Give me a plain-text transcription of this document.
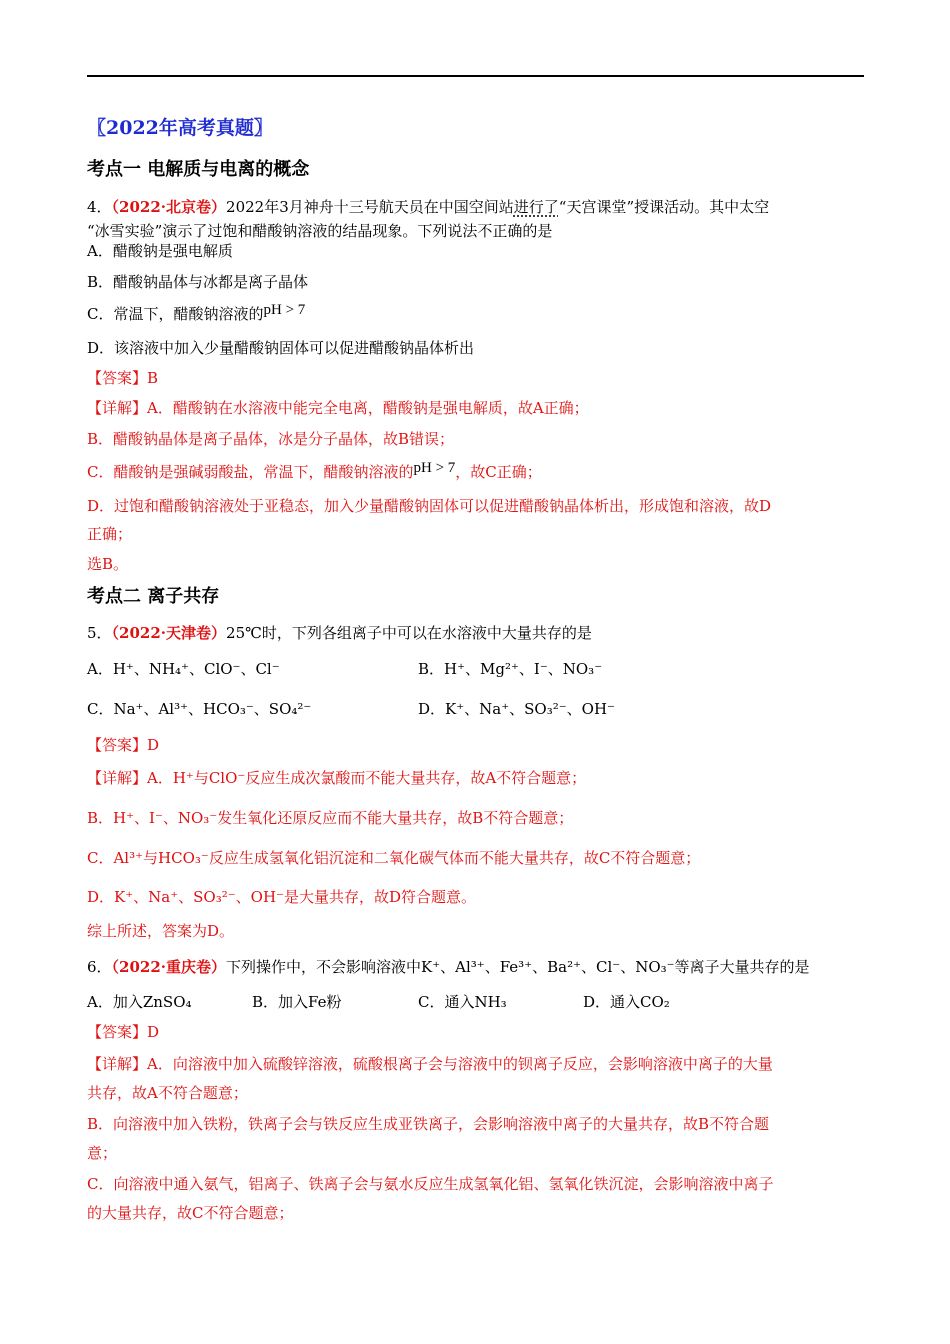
〖2022年高考真题〗
考点一 电解质与电离的概念
4．（2022·北京卷）2022年3月神舟十三号航天员在中国空间站进行了“天宫课堂”授课活动。其中太空
“冰雪实验”演示了过饱和醋酸钠溶液的结晶现象。下列说法不正确的是
A．醋酸钠是强电解质
B．醋酸钠晶体与冰都是离子晶体
C．常温下，醋酸钠溶液的pH > 7
D．该溶液中加入少量醋酸钠固体可以促进醋酸钠晶体析出
【答案】B
【详解】A．醋酸钠在水溶液中能完全电离，醋酸钠是强电解质，故A正确；
B．醋酸钠晶体是离子晶体，冰是分子晶体，故B错误；
C．醋酸钠是强碱弱酸盐，常温下，醋酸钠溶液的pH > 7，故C正确；
D．过饱和醋酸钠溶液处于亚稳态，加入少量醋酸钠固体可以促进醋酸钠晶体析出，形成饱和溶液，故D
正确；
选B。
考点二 离子共存
5．（2022·天津卷）25℃时，下列各组离子中可以在水溶液中大量共存的是
A．H⁺、NH₄⁺、ClO⁻、Cl⁻	B．H⁺、Mg²⁺、I⁻、NO₃⁻
C．Na⁺、Al³⁺、HCO₃⁻、SO₄²⁻	D．K⁺、Na⁺、SO₃²⁻、OH⁻
【答案】D
【详解】A．H⁺与ClO⁻反应生成次氯酸而不能大量共存，故A不符合题意；
B．H⁺、I⁻、NO₃⁻发生氧化还原反应而不能大量共存，故B不符合题意；
C．Al³⁺与HCO₃⁻反应生成氢氧化铝沉淀和二氧化碳气体而不能大量共存，故C不符合题意；
D．K⁺、Na⁺、SO₃²⁻、OH⁻是大量共存，故D符合题意。
综上所述，答案为D。
6．（2022·重庆卷）下列操作中，不会影响溶液中K⁺、Al³⁺、Fe³⁺、Ba²⁺、Cl⁻、NO₃⁻等离子大量共存的是
A．加入ZnSO₄	B．加入Fe粉	C．通入NH₃	D．通入CO₂
【答案】D
【详解】A．向溶液中加入硫酸锌溶液，硫酸根离子会与溶液中的钡离子反应，会影响溶液中离子的大量
共存，故A不符合题意；
B．向溶液中加入铁粉，铁离子会与铁反应生成亚铁离子，会影响溶液中离子的大量共存，故B不符合题
意；
C．向溶液中通入氨气，铝离子、铁离子会与氨水反应生成氢氧化铝、氢氧化铁沉淀，会影响溶液中离子
的大量共存，故C不符合题意；
